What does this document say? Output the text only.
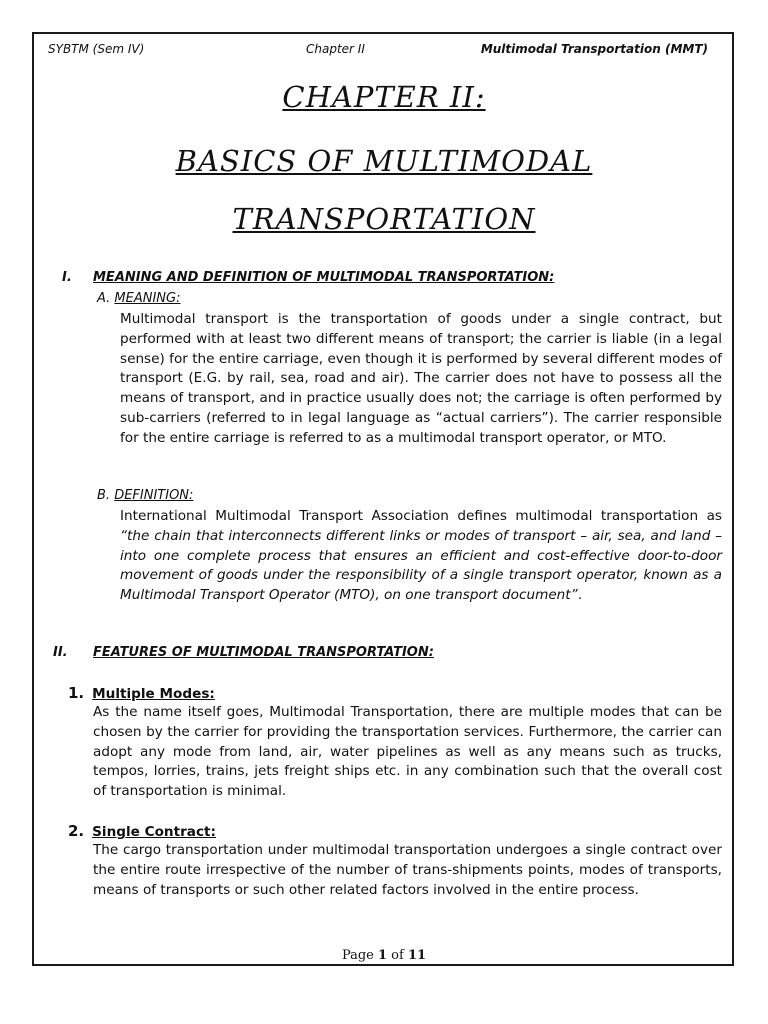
SYBTM (Sem IV)	Chapter II	Multimodal Transportation (MMT)
CHAPTER II:
BASICS OF MULTIMODAL
TRANSPORTATION
I. MEANING AND DEFINITION OF MULTIMODAL TRANSPORTATION:
A. MEANING:
Multimodal transport is the transportation of goods under a single contract, but performed with at least two different means of transport; the carrier is liable (in a legal sense) for the entire carriage, even though it is performed by several different modes of transport (E.G. by rail, sea, road and air). The carrier does not have to possess all the means of transport, and in practice usually does not; the carriage is often performed by sub-carriers (referred to in legal language as “actual carriers”). The carrier responsible for the entire carriage is referred to as a multimodal transport operator, or MTO.
B. DEFINITION:
International Multimodal Transport Association defines multimodal transportation as “the chain that interconnects different links or modes of transport – air, sea, and land – into one complete process that ensures an efficient and cost-effective door-to-door movement of goods under the responsibility of a single transport operator, known as a Multimodal Transport Operator (MTO), on one transport document”.
II. FEATURES OF MULTIMODAL TRANSPORTATION:
1. Multiple Modes:
As the name itself goes, Multimodal Transportation, there are multiple modes that can be chosen by the carrier for providing the transportation services. Furthermore, the carrier can adopt any mode from land, air, water pipelines as well as any means such as trucks, tempos, lorries, trains, jets freight ships etc. in any combination such that the overall cost of transportation is minimal.
2. Single Contract:
The cargo transportation under multimodal transportation undergoes a single contract over the entire route irrespective of the number of trans-shipments points, modes of transports, means of transports or such other related factors involved in the entire process.
Page 1 of 11
